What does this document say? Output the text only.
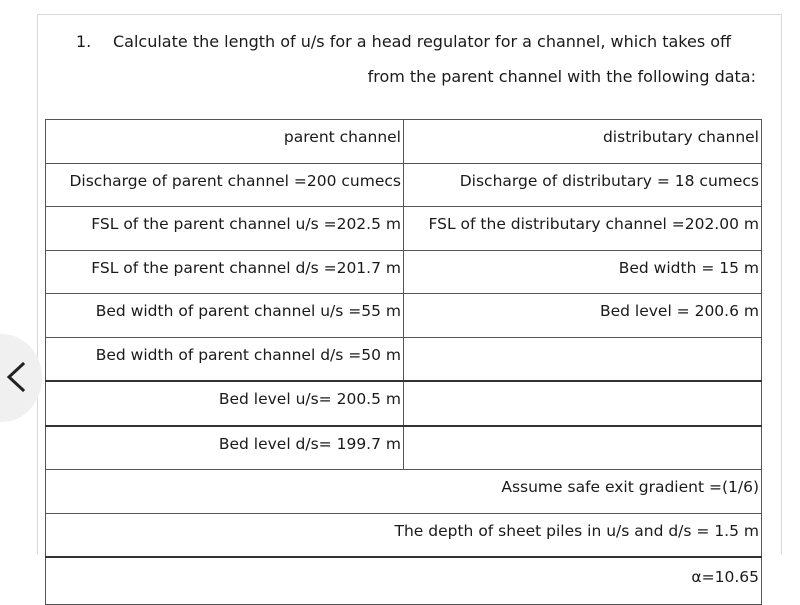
1. Calculate the length of u/s for a head regulator for a channel, which takes off
from the parent channel with the following data:
parent channel	distributary channel
Discharge of parent channel =200 cumecs	Discharge of distributary = 18 cumecs
FSL of the parent channel u/s =202.5 m	FSL of the distributary channel =202.00 m
FSL of the parent channel d/s =201.7 m	Bed width = 15 m
Bed width of parent channel u/s =55 m	Bed level = 200.6 m
Bed width of parent channel d/s =50 m	
Bed level u/s= 200.5 m	
Bed level d/s= 199.7 m	
Assume safe exit gradient =(1/6)	
The depth of sheet piles in u/s and d/s = 1.5 m	
α=10.65	
